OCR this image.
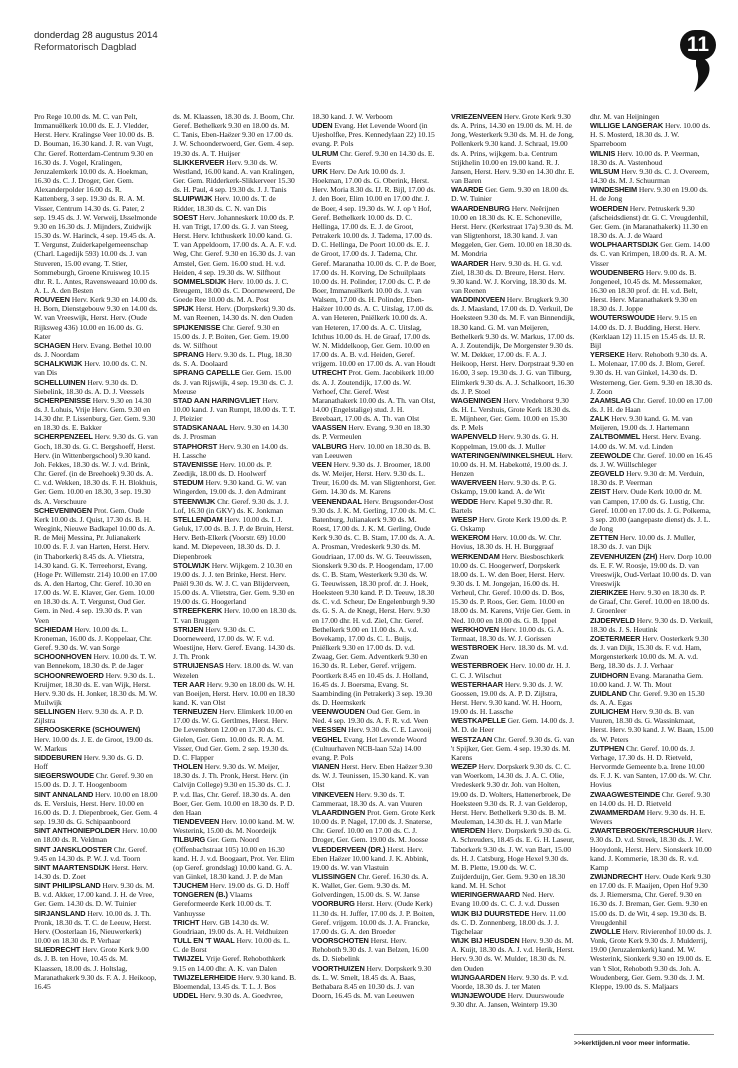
donderdag 28 augustus 2014
Reformatorisch Dagblad	11

Pro Rege 10.00 ds. M. C. van Pelt, Immanuëlkerk 10.00 ds. E. J. Vledder, Herst. Herv. Kralingse Veer 10.00 ds. B. D. Bouman, 16.30 kand. J. R. van Vugt, Chr. Geref. Rotterdam-Centrum 9.30 en 16.30 ds. J. Vogel, Kralingen, Jeruzalemkerk 10.00 ds. A. Hoekman, 16.30 ds. C. J. Droger, Ger. Gem. Alexanderpolder 16.00 ds. R. Kattenberg, 3 sep. 19.30 ds. R. A. M. Visser, Centrum 14.30 ds. G. Pater, 2 sep. 19.45 ds. J. W. Verweij, IJsselmonde 9.30 en 16.30 ds. J. Mijnders, Zuidwijk 15.30 ds. W. Harinck, 4 sep. 19.45 ds. A. T. Vergunst, Zuiderkapelgemeenschap (Charl. Lagedijk 593) 10.00 ds. J. van Stuveren, 15.00 evang. T. Stier, Sommeburgh, Groene Kruisweg 10.15 dhr. R. L. Antes, Ravensweaard 10.00 ds. A. L. A. den Besten

ROUVEEN Herv. Kerk 9.30 en 14.00 ds. H. Born, Dienstgebouw 9.30 en 14.00 ds. W. van Vreeswijk, Herst. Herv. (Oude Rijksweg 436) 10.00 en 16.00 ds. G. Kater

SCHAGEN Herv. Evang. Bethel 10.00 ds. J. Noordam

SCHALKWIJK Herv. 10.00 ds. C. N. van Dis

SCHELLUINEN Herv. 9.30 ds. D. Siebelink, 18.30 ds. A. D. J. Veessels

SCHERPENISSE Herv. 9.30 en 14.30 ds. J. Lohuis, Vrije Herv. Gem. 9.30 en 14.30 dhr. P. Lissenburg, Ger. Gem. 9.30 en 18.30 ds. E. Bakker

SCHERPENZEEL Herv. 9.30 ds. G. van Goch, 18.30 ds. G. C. Bergshoeff, Herst. Herv. (in Wittenbergschool) 9.30 kand. Joh. Fekkes, 18.30 ds. W. J. v.d. Brink, Chr. Geref. (in de Breehoek) 9.30 ds. A. C. v.d. Wekken, 18.30 ds. F. H. Blokhuis, Ger. Gem. 10.00 en 18.30, 3 sep. 19.30 ds. A. Verschuure

SCHEVENINGEN Prot. Gem. Oude Kerk 10.00 ds. J. Quist, 17.30 ds. B. H. Weegink, Nieuwe Badkapel 10.00 ds. A. R. de Meij Messina, Pr. Julianakerk 10.00 ds. F. J. van Harten, Herst. Herv. (in Thaborkerk) 8.45 ds. A. Vlietstra, 14.30 kand. G. K. Terreehorst, Evang. (Hoge Pr. Willemstr. 214) 10.00 en 17.00 ds. A. den Hartog, Chr. Geref. 10.30 en 17.00 ds. W. E. Klaver, Ger. Gem. 10.00 en 18.30 ds. A. T. Vergunst, Oud Ger. Gem. in Ned. 4 sep. 19.30 ds. P. van Veen

SCHIEDAM Herv. 10.00 ds. L. Kroneman, 16.00 ds. J. Koppelaar, Chr. Geref. 9.30 ds. W. van Sorge

SCHOONHOVEN Herv. 10.00 ds. T. W. van Bennekom, 18.30 ds. P. de Jager

SCHOONREWOERD Herv. 9.30 ds. L. Kruijmer, 18.30 ds. E. van Wijk, Herst. Herv. 9.30 ds. H. Jonker, 18.30 ds. M. W. Muilwijk

SELLINGEN Herv. 9.30 ds. A. P. D. Zijlstra

SEROOSKERKE (SCHOUWEN) Herv. 10.00 ds. J. E. de Groot, 19.00 ds. W. Markus

SIDDEBUREN Herv. 9.30 ds. G. D. Hoff

SIEGERSWOUDE Chr. Geref. 9.30 en 15.00 ds. D. J. T. Hoogenboom

SINT ANNALAND Herv. 10.00 en 18.00 ds. E. Versluis, Herst. Herv. 10.00 en 16.00 ds. D. J. Diepenbroek, Ger. Gem. 4 sep. 19.30 ds. G. Schipaanboord

SINT ANTHONIEPOLDER Herv. 10.00 en 18.00 ds. R. Veldman

SINT JANSKLOOSTER Chr. Geref. 9.45 en 14.30 ds. P. W. J. v.d. Toorn

SINT MAARTENSDIJK Herst. Herv. 14.30 ds. D. Zoet

SINT PHILIPSLAND Herv. 9.30 ds. M. B. v.d. Akker, 17.00 kand. J. H. de Vree, Ger. Gem. 14.30 ds. D. W. Tuinier

SIRJANSLAND Herv. 10.00 ds. J. Th. Pronk, 18.30 ds. T. C. de Leeuw, Herst. Herv. (Oosterlaan 16, Nieuwerkerk) 10.00 en 18.30 ds. P. Verhaar

SLIEDRECHT Herv. Grote Kerk 9.00 ds. J. B. ten Hove, 10.45 ds. M. Klaassen, 18.00 ds. J. Holtslag, Maranathakerk 9.30 ds. F. A. J. Heikoop, 16.45

ds. M. Klaassen, 18.30 ds. J. Boom, Chr. Geref. Bethelkerk 9.30 en 18.00 ds. M. C. Tanis, Eben-Haëzer 9.30 en 17.00 ds. J. W. Schoonderwoerd, Ger. Gem. 4 sep. 19.30 ds. A. T. Huijser

SLIKKERVEER Herv. 9.30 ds. W. Westland, 16.00 kand. A. van Kralingen, Ger. Gem. Ridderkerk-Slikkerveer 15.30 ds. H. Paul, 4 sep. 19.30 ds. J. J. Tanis

SLUIPWIJK Herv. 10.00 ds. T. de Ridder, 18.30 ds. C. N. van Dis

SOEST Herv. Johanneskerk 10.00 ds. P. H. van Trigt, 17.00 ds. G. J. van Steeg, Herst. Herv. Ichthuskerk 10.00 kand. G. T. van Appeldoorn, 17.00 ds. A. A. F. v.d. Weg, Chr. Geref. 9.30 en 16.30 ds. J. van Amstel, Ger. Gem. 16.00 stud. H. v.d. Heiden, 4 sep. 19.30 ds. W. Silfhout

SOMMELSDIJK Herv. 10.00 ds. J. C. Breugem, 18.00 ds. C. Doorneweerd, De Goede Ree 10.00 ds. M. A. Post

SPIJK Herst. Herv. (Dorpskerk) 9.30 ds. M. van Reenen, 14.30 ds. N. den Ouden

SPIJKENISSE Chr. Geref. 9.30 en 15.00 ds. J. P. Boiten, Ger. Gem. 19.00 ds. W. Silfhout

SPRANG Herv. 9.30 ds. L. Plug, 18.30 ds. S. A. Doolaard

SPRANG CAPELLE Ger. Gem. 15.00 ds. J. van Rijswijk, 4 sep. 19.30 ds. C. J. Meeuse

STAD AAN HARINGVLIET Herv. 10.00 kand. J. van Rumpt, 18.00 ds. T. T. J. Pleizier

STADSKANAAL Herv. 9.30 en 14.30 ds. J. Prosman

STAPHORST Herv. 9.30 en 14.00 ds. H. Lassche

STAVENISSE Herv. 10.00 ds. P. Zeedijk, 18.00 ds. D. Hoolwerf

STEDUM Herv. 9.30 kand. G. W. van Wingerden, 19.00 ds. J. den Admirant

STEENWIJK Chr. Geref. 9.30 ds. J. J. Lof, 16.30 (in GKV) ds. K. Jonkman

STELLENDAM Herv. 10.00 ds. I. J. Geluk, 17.00 ds. B. J. P. de Bruin, Herst. Herv. Beth-Elkerk (Voorstr. 69) 10.00 kand. M. Diepeveen, 18.30 ds. D. J. Diepenbroek

STOLWIJK Herv. Wijkgem. 2 10.30 en 19.00 ds. J. J. ten Brinke, Herst. Herv. Pniël 9.30 ds. W. J. C. van Blijderveen, 15.00 ds. A. Vlietstra, Ger. Gem. 9.30 en 19.00 ds. G. Hoogerland

STREEFKERK Herv. 10.00 en 18.30 ds. T. van Bruggen

STRIJEN Herv. 9.30 ds. C. Doorneweerd, 17.00 ds. W. F. v.d. Woestijne, Herv. Geref. Evang. 14.30 ds. J. Th. Pronk

STRUIJENSAS Herv. 18.00 ds. W. van Wezelen

TER AAR Herv. 9.30 en 18.00 ds. W. H. van Boeijen, Herst. Herv. 10.00 en 18.30 kand. K. van Olst

TERNEUZEN Herv. Elimkerk 10.00 en 17.00 ds. W. G. Gertlmes, Herst. Herv. De Levensbron 12.00 en 17.30 ds. C. Gielen, Ger. Gem. 10.00 ds. R. A. M. Visser, Oud Ger. Gem. 2 sep. 19.30 ds. D. C. Flapper

THOLEN Herv. 9.30 ds. W. Meijer, 18.30 ds. J. Th. Pronk, Herst. Herv. (in Calvijn College) 9.30 en 15.30 ds. C. J. P. v.d. Ilas, Chr. Geref. 18.30 ds. A. den Boer, Ger. Gem. 10.00 en 18.30 ds. P. D. den Haan

TIENDEVEEN Herv. 10.00 kand. M. W. Westerink, 15.00 ds. M. Noordeijk

TILBURG Ger. Gem. Noord (Offenbachstraat 105) 10.00 en 16.30 kand. H. J. v.d. Boogaart, Prot. Ver. Elim (op Geref. grondslag) 10.00 kand. G. A. van Ginkel, 18.30 kand. J. P. de Man

TJUCHEM Herv. 19.00 ds. G. D. Hoff

TONGEREN (B.) Vlaams Gereformeerde Kerk 10.00 ds. T. Vanhuysse

TRICHT Herv. GB 14.30 ds. W. Goudriaan, 19.00 ds. A. H. Veldhuizen

TULL EN 'T WAAL Herv. 10.00 ds. L. C. de Borst

TWIJZEL Vrije Geref. Rehobothkerk 9.15 en 14.00 dhr. A. K. van Dalen

TWIJZELERHEIDE Herv. 9.30 kand. B. Bloemendal, 13.45 ds. T. L. J. Bos

UDDEL Herv. 9.30 ds. A. Goedvree,

18.30 kand. J. W. Verboom

UDEN Evang. Het Levende Woord (in Ujesholfke, Pres. Kennedylaan 22) 10.15 evang. P. Pols

ULRUM Chr. Geref. 9.30 en 14.30 ds. E. Everts

URK Herv. De Ark 10.00 ds. J. Hoekman, 17.00 ds. G. Oberink, Herst. Herv. Moria 8.30 ds. IJ. R. Bijl, 17.00 ds. J. den Boer, Elim 10.00 en 17.00 dhr. J. de Boer, 4 sep. 19.30 ds. W. J. op 't Hof, Geref. Bethelkerk 10.00 ds. D. C. Hellinga, 17.00 ds. E. J. de Groot, Petrakerk 10.00 ds. J. Tadema, 17.00 ds. D. C. Hellinga, De Poort 10.00 ds. E. J. de Groot, 17.00 ds. J. Tadema, Chr. Geref. Maranatha 10.00 ds. C. P. de Boer, 17.00 ds. H. Korving, De Schuilplaats 10.00 ds. H. Polinder, 17.00 ds. C. P. de Boer, Immanuëlkerk 10.00 ds. J. van Walsem, 17.00 ds. H. Polinder, Eben-Haëzer 10.00 ds. A. C. Uitslag, 17.00 ds. A. van Heteren, Pniëlkerk 10.00 ds. A. van Heteren, 17.00 ds. A. C. Uitslag, Ichthus 10.00 ds. H. de Graaf, 17.00 ds. W. N. Middelkoop, Ger. Gem. 10.00 en 17.00 ds. A. B. v.d. Heiden, Geref. vrijgem. 10.00 en 17.00 ds. A. van Houdt

UTRECHT Prot. Gem. Jacobikerk 10.00 ds. A. J. Zoutendijk, 17.00 ds. W. Verhoef, Chr. Geref. West Maranathakerk 10.00 ds. A. Th. van Olst, 14.00 (Engelstalige) stud. J. H. Breebaart, 17.00 ds. A. Th. van Olst

VAASSEN Herv. Evang. 9.30 en 18.30 ds. P. Vermeulen

VALBURG Herv. 10.00 en 18.30 ds. B. van Leeuwen

VEEN Herv. 9.30 ds. J. Broomer, 18.00 ds. W. Meijer, Herst. Herv. 9.30 ds. L. Treur, 16.00 ds. M. van Sligtenhorst, Ger. Gem. 14.30 ds. M. Karens

VEENENDAAL Herv. Brugsonder-Oost 9.30 ds. J. K. M. Gerling, 17.00 ds. M. C. Batenburg, Julianakerk 9.30 ds. M. Roest, 17.00 ds. J. K. M. Gerling, Oude Kerk 9.30 ds. C. B. Stam, 17.00 ds. A. A. A. Prosman, Vredeskerk 9.30 ds. M. Goudriaan, 17.00 ds. W. G. Teeuwissen, Sionskerk 9.30 ds. P. Hoogendam, 17.00 ds. C. B. Stam, Westerkerk 9.30 ds. W. G. Teeuwissen, 18.30 prof. dr. J. Hoek, Hoeksteen 9.30 kand. P. D. Teeuw, 18.30 ds. C. v.d. Scheur, De Engelenburgh 9.30 ds. G. S. A. de Knegt, Herst. Herv. 9.30 en 17.00 dhr. H. v.d. Ziel, Chr. Geref. Bethelkerk 9.00 en 11.00 ds. A. v.d. Bovekamp, 17.00 ds. C. L. Buijs, Pniëlkerk 9.30 en 17.00 ds. D. v.d. Zwaag, Ger. Gem. Adventkerk 9.30 en 16.30 ds. R. Leber, Geref. vrijgem. Poortkerk 8.45 en 10.45 ds. J. Holland, 16.45 ds. J. Boersma, Evang. St. Saambinding (in Petrakerk) 3 sep. 19.30 ds. D. Heemskerk

VEENWOUDEN Oud Ger. Gem. in Ned. 4 sep. 19.30 ds. A. F. R. v.d. Veen

VEESSEN Herv. 9.30 ds. C. E. Lavooij

VEGHEL Evang. Het Levende Woord (Cultuurhaven NCB-laan 52a) 14.00 evang. P. Pols

VIANEN Herst. Herv. Eben Haëzer 9.30 ds. W. J. Teunissen, 15.30 kand. K. van Olst

VINKEVEEN Herv. 9.30 ds. T. Cammeraat, 18.30 ds. A. van Vuuren

VLAARDINGEN Prot. Gem. Grote Kerk 10.00 ds. P. Nagel, 17.00 ds. J. Snaterse, Chr. Geref. 10.00 en 17.00 ds. C. J. Droger, Ger. Gem. 19.00 ds. M. Joosse

VLEDDERVEEN (DR.) Herst. Herv. Eben Haëzer 10.00 kand. J. K. Abbink, 19.00 ds. W. van Vlastuin

VLISSINGEN Chr. Geref. 16.30 ds. A. K. Wallet, Ger. Gem. 9.30 ds. M. Golverdingen, 15.00 ds. S. W. Janse

VOORBURG Herst. Herv. (Oude Kerk) 11.30 ds. H. Juffer, 17.00 ds. J. P. Boiten, Geref. vrijgem. 10.00 ds. J. A. Francke, 17.00 ds. G. A. den Broeder

VOORSCHOTEN Herst. Herv. Rehoboth 9.30 ds. J. van Belzen, 16.00 ds. D. Siebelink

VOORTHUIZEN Herv. Dorpskerk 9.30 ds. L. W. Smelt, 18.45 ds. A. Baas, Bethabara 8.45 en 10.30 ds. J. van Doorn, 16.45 ds. M. van Leeuwen

VRIEZENVEEN Herv. Grote Kerk 9.30 ds. A. Prins, 14.30 en 19.00 ds. M. H. de Jong, Westerkerk 9.30 ds. M. H. de Jong, Pollenkerk 9.30 kand. J. Schraal, 19.00 ds. A. Prins, wijkgem. b.a. Centrum Stijkhelin 10.00 en 19.00 kand. R. J. Jansen, Herst. Herv. 9.30 en 14.30 dhr. E. van Baren

WAARDE Ger. Gem. 9.30 en 18.00 ds. D. W. Tuinier

WAARDENBURG Herv. Neêrijnen 10.00 en 18.30 ds. K. E. Schoneville, Herst. Herv. (Kerkstraat 17a) 9.30 ds. M. van Sligtenhorst, 18.30 kand. J. van Meggelen, Ger. Gem. 10.00 en 18.30 ds. M. Mondria

WAARDER Herv. 9.30 ds. H. G. v.d. Ziel, 18.30 ds. D. Breure, Herst. Herv. 9.30 kand. W. J. Korving, 18.30 ds. M. van Reenen

WADDINXVEEN Herv. Brugkerk 9.30 ds. J. Maasland, 17.00 ds. D. Verkuil, De Hoeksteen 9.30 ds. M. F. van Binnendijk, 18.30 kand. G. M. van Meijeren, Bethelkerk 9.30 ds. W. Markus, 17.00 ds. A. J. Zoutendijk, De Morgenster 9.30 ds. W. M. Dekker, 17.00 ds. F. A. J. Heikoop, Herst. Herv. Dorpstraat 9.30 en 16.00, 3 sep. 19.30 ds. J. G. van Tilburg, Elimkerk 9.30 ds. A. J. Schalkoort, 16.30 ds. J. P. Stoel

WAGENINGEN Herv. Vredehorst 9.30 ds. H. L. Vershuis, Grote Kerk 18.30 ds. E. Mijnheer, Ger. Gem. 10.00 en 15.30 ds. P. Mels

WAPENVELD Herv. 9.30 ds. G. H. Koppelman, 19.00 ds. J. Muller

WATERINGEN/WINKELSHEUL Herv. 10.00 ds. H. M. Habekotté, 19.00 ds. J. Henzen

WAVERVEEN Herv. 9.30 ds. P. G. Oskamp, 19.00 kand. A. de Wit

WEDDE Herv. Kapel 9.30 dhr. R. Bartels

WEESP Herv. Grote Kerk 19.00 ds. P. G. Oskamp

WEKEROM Herv. 10.00 ds. W. Chr. Hovius, 18.30 ds. H. H. Burggraaf

WERKENDAM Herv. Biesboschkerk 10.00 ds. C. Hoogerwerf, Dorpskerk 18.00 ds. L. W. den Boer, Herst. Herv. 9.30 ds. I. M. Jongejan, 16.00 ds. H. Verheul, Chr. Geref. 10.00 ds. D. Bos, 15.30 ds. P. Roos, Ger. Gem. 10.00 en 18.00 ds. M. Karens, Vrije Ger. Gem. in Ned. 10.00 en 18.00 ds. G. B. Ippel

WERKHOVEN Herv. 10.00 ds. G. A. Termaat, 18.30 ds. W. J. Gorissen

WESTBROEK Herv. 18.30 ds. M. v.d. Zwan

WESTERBROEK Herv. 10.00 dr. H. J. C. C. J. Wilschut

WESTERHAAR Herv. 9.30 ds. J. W. Goossen, 19.00 ds. A. P. D. Zijlstra, Herst. Herv. 9.30 kand. W. H. Hoorn, 19.00 ds. H. Lassche

WESTKAPELLE Ger. Gem. 14.00 ds. J. M. D. de Heer

WESTZAAN Chr. Geref. 9.30 ds. G. van 't Spijker, Ger. Gem. 4 sep. 19.30 ds. M. Karens

WEZEP Herv. Dorpskerk 9.30 ds. C. C. van Woerkom, 14.30 ds. J. A. C. Olie, Vredeskerk 9.30 dr. Joh. van Holten, 19.00 ds. D. Wolters, Hattenerbroek, De Hoeksteen 9.30 ds. R. J. van Gelderop, Herst. Herv. Bethelkerk 9.30 ds. B. M. Meuleman, 14.30 ds. H. J. van Marle

WIERDEN Herv. Dorpskerk 9.30 ds. G. A. Schreuders, 18.45 ds. E. G. H. Laseur, Taborkerk 9.30 ds. J. W. van Bart, 15.00 ds. H. J. Catsburg, Hoge Hexel 9.30 ds. M. B. Plette, 19.00 ds. W. C. Zuijderduijn, Ger. Gem. 9.30 en 18.30 kand. M. H. Schot

WIERINGERWAARD Ned. Herv. Evang 10.00 ds. C. C. J. v.d. Dussen

WIJK BIJ DUURSTEDE Herv. 11.00 ds. C. D. Zonnenberg, 18.00 ds. J. J. Tigchelaar

WIJK BIJ HEUSDEN Herv. 9.30 ds. M. A. Kuijt, 18.30 ds. A. J. v.d. Herik, Herst. Herv. 9.30 ds. W. Mulder, 18.30 ds. N. den Ouden

WIJNGAARDEN Herv. 9.30 ds. P. v.d. Voorde, 18.30 ds. J. ter Maten

WIJNJEWOUDE Herv. Duurswoude 9.30 dhr. A. Jansen, Weinterp 19.30

dhr. M. van Heijningen

WILLIGE LANGERAK Herv. 10.00 ds. H. S. Mosterd, 18.30 ds. J. W. Sparreboom

WILNIS Herv. 10.00 ds. P. Veerman, 18.30 ds. A. Vastenhoud

WILSUM Herv. 9.30 ds. C. J. Overeem, 14.30 ds. M. J. Schuurman

WINDESHEIM Herv. 9.30 en 19.00 ds. H. de Jong

WOERDEN Herv. Petruskerk 9.30 (afscheidsdienst) dr. G. C. Vreugdenhil, Ger. Gem. (in Maranathakerk) 11.30 en 18.30 ds. A. J. de Waard

WOLPHAARTSDIJK Ger. Gem. 14.00 ds. C. van Krimpen, 18.00 ds. R. A. M. Visser

WOUDENBERG Herv. 9.00 ds. B. Jongeneel, 10.45 ds. M. Messemaker, 16.30 en 18.30 prof. dr. H. v.d. Belt, Herst. Herv. Maranathakerk 9.30 en 18.30 ds. J. Joppe

WOUTERSWOUDE Herv. 9.15 en 14.00 ds. D. J. Budding, Herst. Herv. (Kerklaan 12) 11.15 en 15.45 ds. IJ. R. Bijl

YERSEKE Herv. Rehoboth 9.30 ds. A. L. Molenaar, 17.00 ds. J. Blom, Geref. 9.30 ds. H. van Ginkel, 14.30 ds. D. Westerneng, Ger. Gem. 9.30 en 18.30 ds. J. Zoon

ZAAMSLAG Chr. Geref. 10.00 en 17.00 ds. J. H. de Haan

ZALK Herv. 9.30 kand. G. M. van Meijeren, 19.00 ds. J. Hartemann

ZALTBOMMEL Herst. Herv. Evang. 14.00 ds. W. M. v.d. Linden

ZEEWOLDE Chr. Geref. 10.00 en 16.45 ds. J. W. Wüllschleger

ZEGVELD Herv. 9.30 dr. M. Verduin, 18.30 ds. P. Veerman

ZEIST Herv. Oude Kerk 10.00 dr. M. van Campen, 17.00 ds. G. Lustig, Chr. Geref. 10.00 en 17.00 ds. J. G. Polkema, 3 sep. 20.00 (aangepaste dienst) ds. J. L. de Jong

ZETTEN Herv. 10.00 ds. J. Muller, 18.30 ds. J. van Dijk

ZEVENHUIZEN (ZH) Herv. Dorp 10.00 ds. E. F. W. Roosje, 19.00 ds. D. van Vreeswijk, Oud-Verlaat 10.00 ds. D. van Vreeswijk

ZIERIKZEE Herv. 9.30 en 18.30 ds. P. de Graaf, Chr. Geref. 10.00 en 18.00 ds. J. Groenleer

ZIJDERVELD Herv. 9.30 ds. D. Verkuil, 18.30 ds. J. S. Heutink

ZOETERMEER Herv. Oosterkerk 9.30 ds. J. van Dijk, 15.30 ds. F. v.d. Ham, Morgensterkerk 10.00 ds. M. A. v.d. Berg, 18.30 ds. J. J. Verhaar

ZUIDHORN Evang. Maranatha Gem. 10.00 kand. J. W. Th. Mout

ZUIDLAND Chr. Geref. 9.30 en 15.30 ds. A. A. Egas

ZUILICHEM Herv. 9.30 ds. B. van Vuuren, 18.30 ds. G. Wassinkmaat, Herst. Herv. 9.30 kand. J. W. Baan, 15.00 ds. W. Peters

ZUTPHEN Chr. Geref. 10.00 ds. J. Verhage, 17.30 ds. H. D. Rietveld, Hervormde Gemeente b.a. Irene 10.00 ds. F. J. K. van Santen, 17.00 ds. W. Chr. Hovius

ZWAAGWESTEINDE Chr. Geref. 9.30 en 14.00 ds. H. D. Rietveld

ZWAMMERDAM Herv. 9.30 ds. H. E. Wevers

ZWARTEBROEK/TERSCHUUR Herv. 9.30 ds. D. v.d. Streek, 18.30 ds. J. W. Hooydonk, Herst. Herv. Sionskerk 10.00 kand. J. Kommerie, 18.30 ds. R. v.d. Kamp

ZWIJNDRECHT Herv. Oude Kerk 9.30 en 17.00 ds. F. Maaijen, Open Hof 9.30 ds. J. Riemersma, Chr. Geref. 9.30 en 16.30 ds. J. Breman, Ger. Gem. 9.30 en 15.00 ds. D. de Wit, 4 sep. 19.30 ds. B. Vreugdenhil

ZWOLLE Herv. Rivierenhof 10.00 ds. J. Vonk, Grote Kerk 9.30 ds. J. Mulderrij, 19.00 (Jeruzalemkerk) kand. M. W. Westerink, Sionkerk 9.30 en 19.00 ds. E. van 't Slot, Rehoboth 9.30 ds. Joh. A. Woudenberg, Ger. Gem. 9.30 ds. J. M. Kleppe, 19.00 ds. S. Maljaars

>>kerktijden.nl voor meer informatie.
